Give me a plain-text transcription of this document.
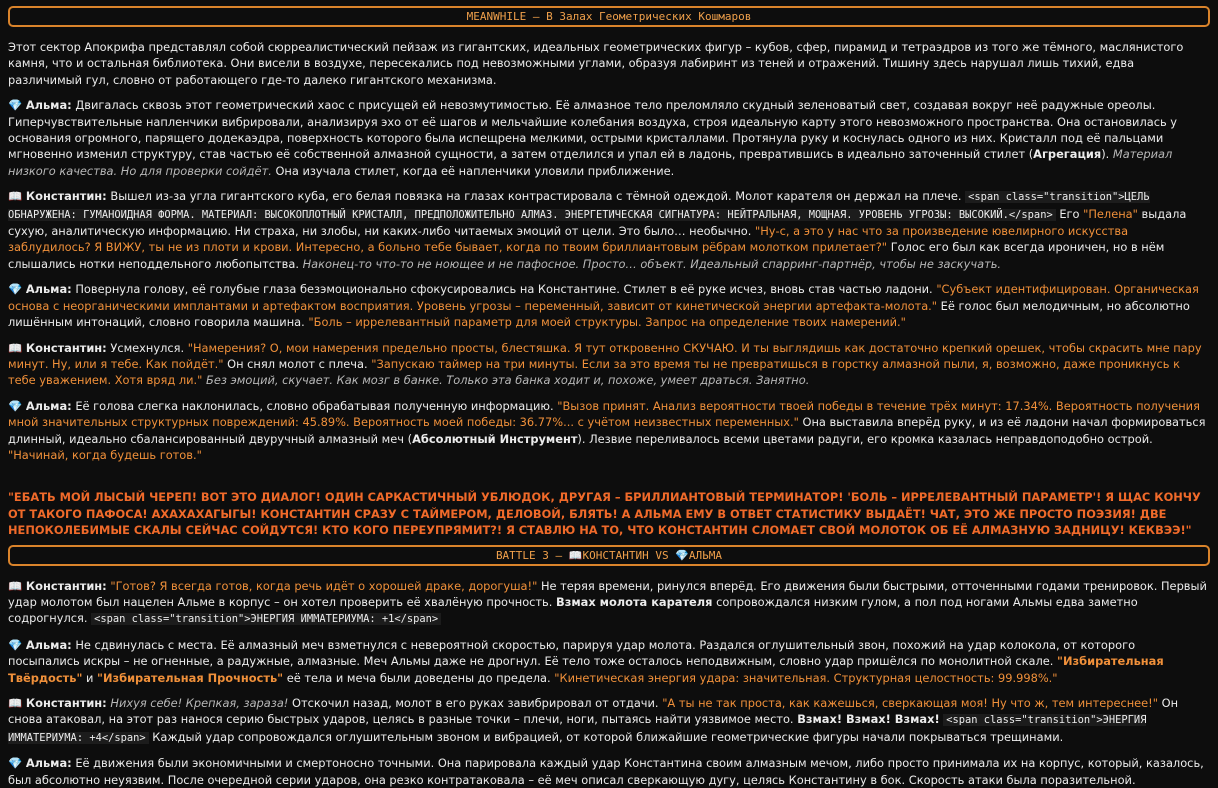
MEANWHILE – В Залах Геометрических Кошмаров

Этот сектор Апокрифа представлял собой сюрреалистический пейзаж из гигантских, идеальных геометрических фигур – кубов, сфер, пирамид и тетраэдров из того же тёмного, маслянистого камня, что и остальная библиотека. Они висели в воздухе, пересекались под невозможными углами, образуя лабиринт из теней и отражений. Тишину здесь нарушал лишь тихий, едва различимый гул, словно от работающего где-то далеко гигантского механизма.

💎 Альма: Двигалась сквозь этот геометрический хаос с присущей ей невозмутимостью. Её алмазное тело преломляло скудный зеленоватый свет, создавая вокруг неё радужные ореолы. Гиперчувствительные напленчики вибрировали, анализируя эхо от её шагов и мельчайшие колебания воздуха, строя идеальную карту этого невозможного пространства. Она остановилась у основания огромного, парящего додекаэдра, поверхность которого была испещрена мелкими, острыми кристаллами. Протянула руку и коснулась одного из них. Кристалл под её пальцами мгновенно изменил структуру, став частью её собственной алмазной сущности, а затем отделился и упал ей в ладонь, превратившись в идеально заточенный стилет (Агрегация). Материал низкого качества. Но для проверки сойдёт. Она изучала стилет, когда её напленчики уловили приближение.

📖 Константин: Вышел из-за угла гигантского куба, его белая повязка на глазах контрастировала с тёмной одеждой. Молот карателя он держал на плече. <span class="transition">ЦЕЛЬ ОБНАРУЖЕНА: ГУМАНОИДНАЯ ФОРМА. МАТЕРИАЛ: ВЫСОКОПЛОТНЫЙ КРИСТАЛЛ, ПРЕДПОЛОЖИТЕЛЬНО АЛМАЗ. ЭНЕРГЕТИЧЕСКАЯ СИГНАТУРА: НЕЙТРАЛЬНАЯ, МОЩНАЯ. УРОВЕНЬ УГРОЗЫ: ВЫСОКИЙ.</span> Его "Пелена" выдала сухую, аналитическую информацию. Ни страха, ни злобы, ни каких-либо читаемых эмоций от цели. Это было… необычно. "Ну-с, а это у нас что за произведение ювелирного искусства заблудилось? Я ВИЖУ, ты не из плоти и крови. Интересно, а больно тебе бывает, когда по твоим бриллиантовым рёбрам молотком прилетает?" Голос его был как всегда ироничен, но в нём слышались нотки неподдельного любопытства. Наконец-то что-то не ноющее и не пафосное. Просто… объект. Идеальный спарринг-партнёр, чтобы не заскучать.

💎 Альма: Повернула голову, её голубые глаза безэмоционально сфокусировались на Константине. Стилет в её руке исчез, вновь став частью ладони. "Субъект идентифицирован. Органическая основа с неорганическими имплантами и артефактом восприятия. Уровень угрозы – переменный, зависит от кинетической энергии артефакта-молота." Её голос был мелодичным, но абсолютно лишённым интонаций, словно говорила машина. "Боль – иррелевантный параметр для моей структуры. Запрос на определение твоих намерений."

📖 Константин: Усмехнулся. "Намерения? О, мои намерения предельно просты, блестяшка. Я тут откровенно СКУЧАЮ. И ты выглядишь как достаточно крепкий орешек, чтобы скрасить мне пару минут. Ну, или я тебе. Как пойдёт." Он снял молот с плеча. "Запускаю таймер на три минуты. Если за это время ты не превратишься в горстку алмазной пыли, я, возможно, даже проникнусь к тебе уважением. Хотя вряд ли." Без эмоций, скучает. Как мозг в банке. Только эта банка ходит и, похоже, умеет драться. Занятно.

💎 Альма: Её голова слегка наклонилась, словно обрабатывая полученную информацию. "Вызов принят. Анализ вероятности твоей победы в течение трёх минут: 17.34%. Вероятность получения мной значительных структурных повреждений: 45.89%. Вероятность моей победы: 36.77%... с учётом неизвестных переменных." Она выставила вперёд руку, и из её ладони начал формироваться длинный, идеально сбалансированный двуручный алмазный меч (Абсолютный Инструмент). Лезвие переливалось всеми цветами радуги, его кромка казалась неправдоподобно острой. "Начинай, когда будешь готов."

"ЕБАТЬ МОЙ ЛЫСЫЙ ЧЕРЕП! ВОТ ЭТО ДИАЛОГ! ОДИН САРКАСТИЧНЫЙ УБЛЮДОК, ДРУГАЯ – БРИЛЛИАНТОВЫЙ ТЕРМИНАТОР! 'БОЛЬ – ИРРЕЛЕВАНТНЫЙ ПАРАМЕТР'! Я ЩАС КОНЧУ ОТ ТАКОГО ПАФОСА! АХАХАХАГЫГЫ! КОНСТАНТИН СРАЗУ С ТАЙМЕРОМ, ДЕЛОВОЙ, БЛЯТЬ! А АЛЬМА ЕМУ В ОТВЕТ СТАТИСТИКУ ВЫДАЁТ! ЧАТ, ЭТО ЖЕ ПРОСТО ПОЭЗИЯ! ДВЕ НЕПОКОЛЕБИМЫЕ СКАЛЫ СЕЙЧАС СОЙДУТСЯ! КТО КОГО ПЕРЕУПРЯМИТ?! Я СТАВЛЮ НА ТО, ЧТО КОНСТАНТИН СЛОМАЕТ СВОЙ МОЛОТОК ОБ ЕЁ АЛМАЗНУЮ ЗАДНИЦУ! КЕКВЭЭ!"

BATTLE 3 – 📖КОНСТАНТИН VS 💎АЛЬМА

📖 Константин: "Готов? Я всегда готов, когда речь идёт о хорошей драке, дорогуша!" Не теряя времени, ринулся вперёд. Его движения были быстрыми, отточенными годами тренировок. Первый удар молотом был нацелен Альме в корпус – он хотел проверить её хвалёную прочность. Взмах молота карателя сопровождался низким гулом, а пол под ногами Альмы едва заметно содрогнулся. <span class="transition">ЭНЕРГИЯ ИММАТЕРИУМА: +1</span>

💎 Альма: Не сдвинулась с места. Её алмазный меч взметнулся с невероятной скоростью, парируя удар молота. Раздался оглушительный звон, похожий на удар колокола, от которого посыпались искры – не огненные, а радужные, алмазные. Меч Альмы даже не дрогнул. Её тело тоже осталось неподвижным, словно удар пришёлся по монолитной скале. "Избирательная Твёрдость" и "Избирательная Прочность" её тела и меча были доведены до предела. "Кинетическая энергия удара: значительная. Структурная целостность: 99.998%."

📖 Константин: Нихуя себе! Крепкая, зараза! Отскочил назад, молот в его руках завибрировал от отдачи. "А ты не так проста, как кажешься, сверкающая моя! Ну что ж, тем интереснее!" Он снова атаковал, на этот раз нанося серию быстрых ударов, целясь в разные точки – плечи, ноги, пытаясь найти уязвимое место. Взмах! Взмах! Взмах! <span class="transition">ЭНЕРГИЯ ИММАТЕРИУМА: +4</span> Каждый удар сопровождался оглушительным звоном и вибрацией, от которой ближайшие геометрические фигуры начали покрываться трещинами.

💎 Альма: Её движения были экономичными и смертоносно точными. Она парировала каждый удар Константина своим алмазным мечом, либо просто принимала их на корпус, который, казалось, был абсолютно неуязвим. После очередной серии ударов, она резко контратаковала – её меч описал сверкающую дугу, целясь Константину в бок. Скорость атаки была поразительной.
